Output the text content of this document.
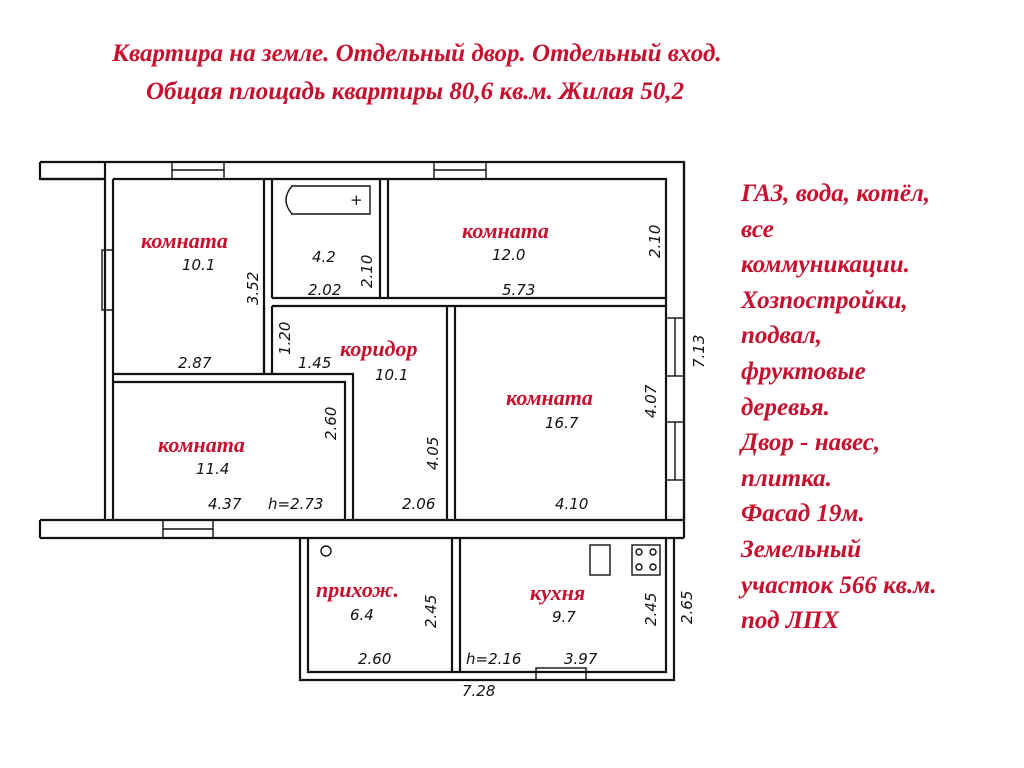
Квартира на земле. Отдельный двор. Отдельный вход.
Общая площадь квартиры 80,6 кв.м. Жилая 50,2
ГАЗ, вода, котёл,
все
коммуникации.
Хозпостройки,
подвал,
фруктовые
деревья.
Двор - навес,
плитка.
Фасад 19м.
Земельный
участок 566 кв.м.
под ЛПХ
+
комната
10.1	4.2
комната
12.0
коридор
10.1
комната
16.7
комната
11.4
прихож.
6.4
кухня
9.7
3.52
2.10
2.10
2.02	5.73
7.13
1.20
1.45
2.87
4.07
2.60
4.05
4.37 h=2.73	2.06	4.10
2.45	2.45 2.65
2.60	h=2.16	3.97
7.28
